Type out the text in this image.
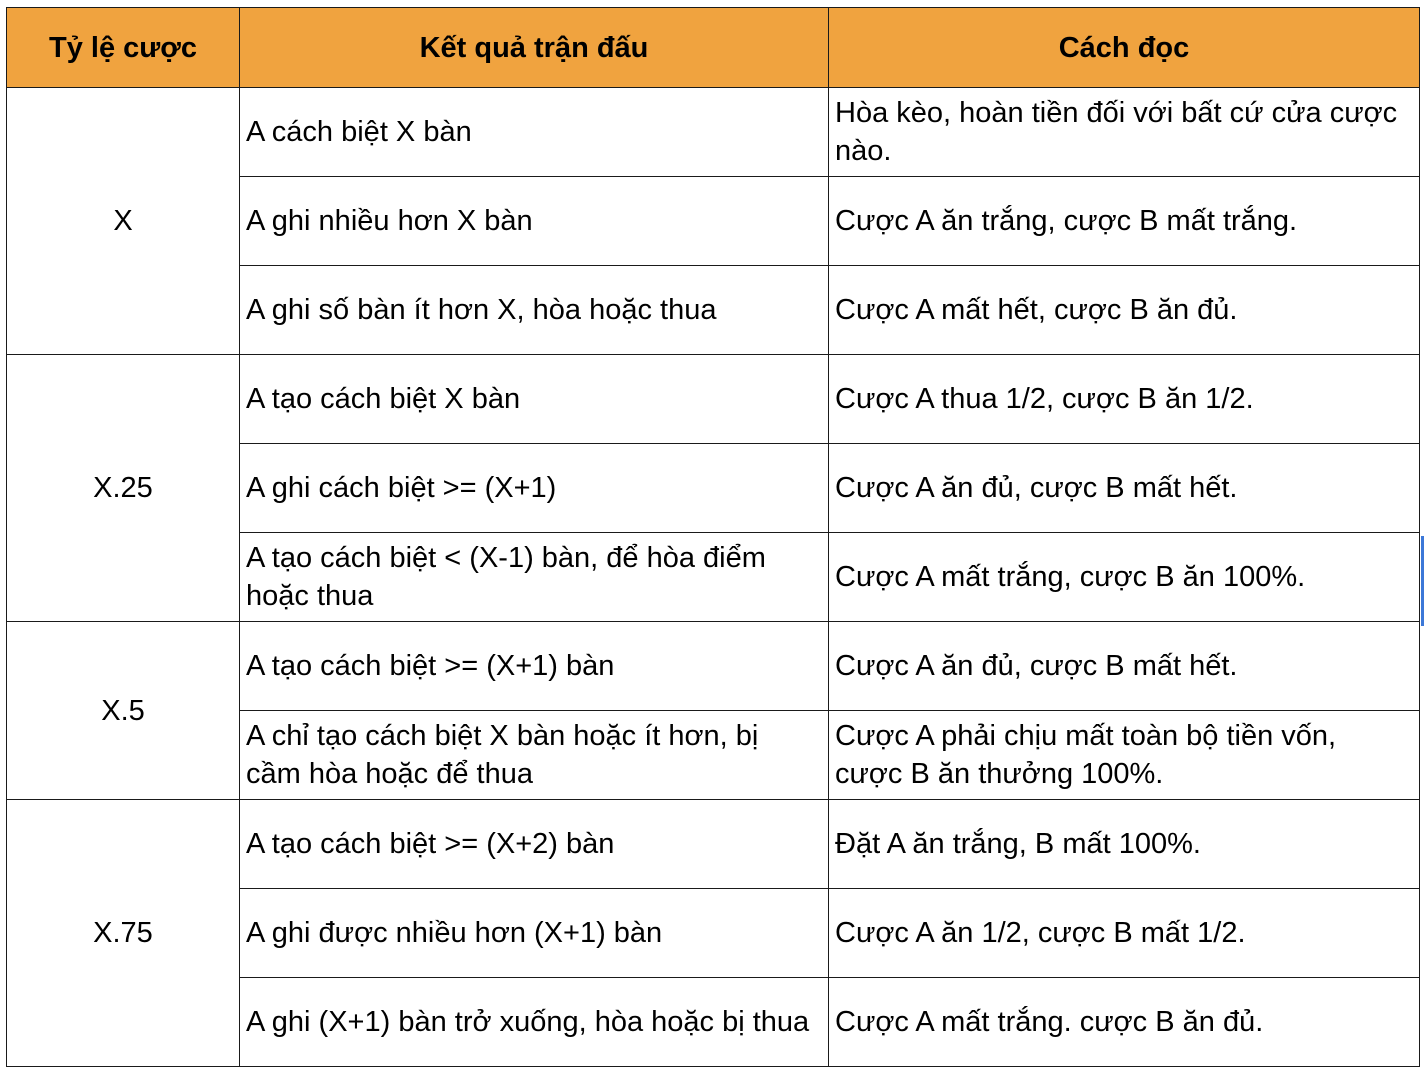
Tỷ lệ cược	Kết quả trận đấu	Cách đọc
X	A cách biệt X bàn	Hòa kèo, hoàn tiền đối với bất cứ cửa cược nào.
	A ghi nhiều hơn X bàn	Cược A ăn trắng, cược B mất trắng.
	A ghi số bàn ít hơn X, hòa hoặc thua	Cược A mất hết, cược B ăn đủ.
X.25	A tạo cách biệt X bàn	Cược A thua 1/2, cược B ăn 1/2.
	A ghi cách biệt >= (X+1)	Cược A ăn đủ, cược B mất hết.
	A tạo cách biệt < (X-1) bàn, để hòa điểm hoặc thua	Cược A mất trắng, cược B ăn 100%.
X.5	A tạo cách biệt >= (X+1) bàn	Cược A ăn đủ, cược B mất hết.
	A chỉ tạo cách biệt X bàn hoặc ít hơn, bị cầm hòa hoặc để thua	Cược A phải chịu mất toàn bộ tiền vốn, cược B ăn thưởng 100%.
X.75	A tạo cách biệt >= (X+2) bàn	Đặt A ăn trắng, B mất 100%.
	A ghi được nhiều hơn (X+1) bàn	Cược A ăn 1/2, cược B mất 1/2.
	A ghi (X+1) bàn trở xuống, hòa hoặc bị thua	Cược A mất trắng. cược B ăn đủ.
